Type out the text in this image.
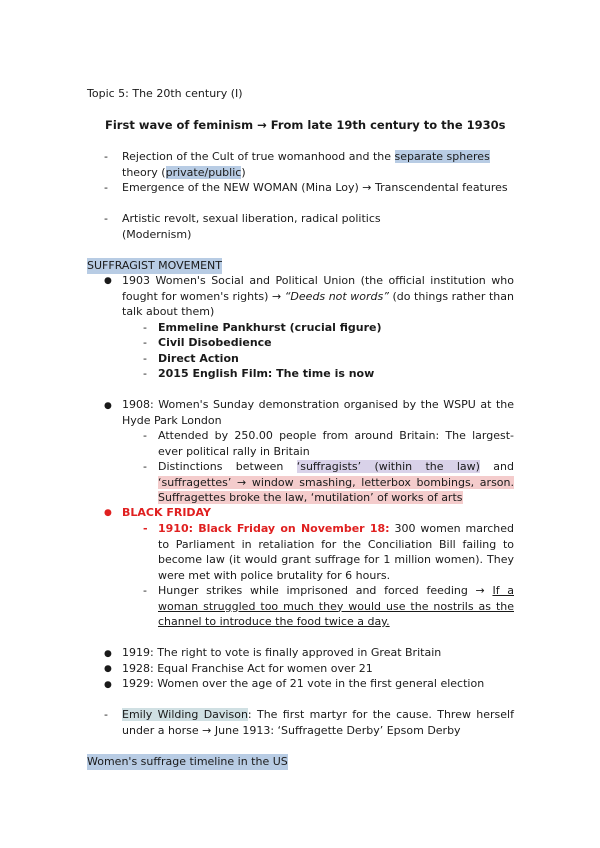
Topic 5: The 20th century (I)
First wave of feminism → From late 19th century to the 1930s
- Rejection of the Cult of true womanhood and the separate spheres
theory (private/public)
- Emergence of the NEW WOMAN (Mina Loy) → Transcendental features
- Artistic revolt, sexual liberation, radical politics
(Modernism)
SUFFRAGIST MOVEMENT
● 1903 Women's Social and Political Union (the official institution who fought for women's rights) → “Deeds not words” (do things rather than talk about them)
- Emmeline Pankhurst (crucial figure)
- Civil Disobedience
- Direct Action
- 2015 English Film: The time is now
● 1908: Women's Sunday demonstration organised by the WSPU at the Hyde Park London
- Attended by 250.00 people from around Britain: The largest-ever political rally in Britain
- Distinctions between ‘suffragists’ (within the law) and ‘suffragettes’ → window smashing, letterbox bombings, arson. Suffragettes broke the law, ‘mutilation’ of works of arts
● BLACK FRIDAY
- 1910: Black Friday on November 18: 300 women marched to Parliament in retaliation for the Conciliation Bill failing to become law (it would grant suffrage for 1 million women). They were met with police brutality for 6 hours.
- Hunger strikes while imprisoned and forced feeding → If a woman struggled too much they would use the nostrils as the channel to introduce the food twice a day.
● 1919: The right to vote is finally approved in Great Britain
● 1928: Equal Franchise Act for women over 21
● 1929: Women over the age of 21 vote in the first general election
- Emily Wilding Davison: The first martyr for the cause. Threw herself under a horse → June 1913: ‘Suffragette Derby’ Epsom Derby
Women's suffrage timeline in the US
